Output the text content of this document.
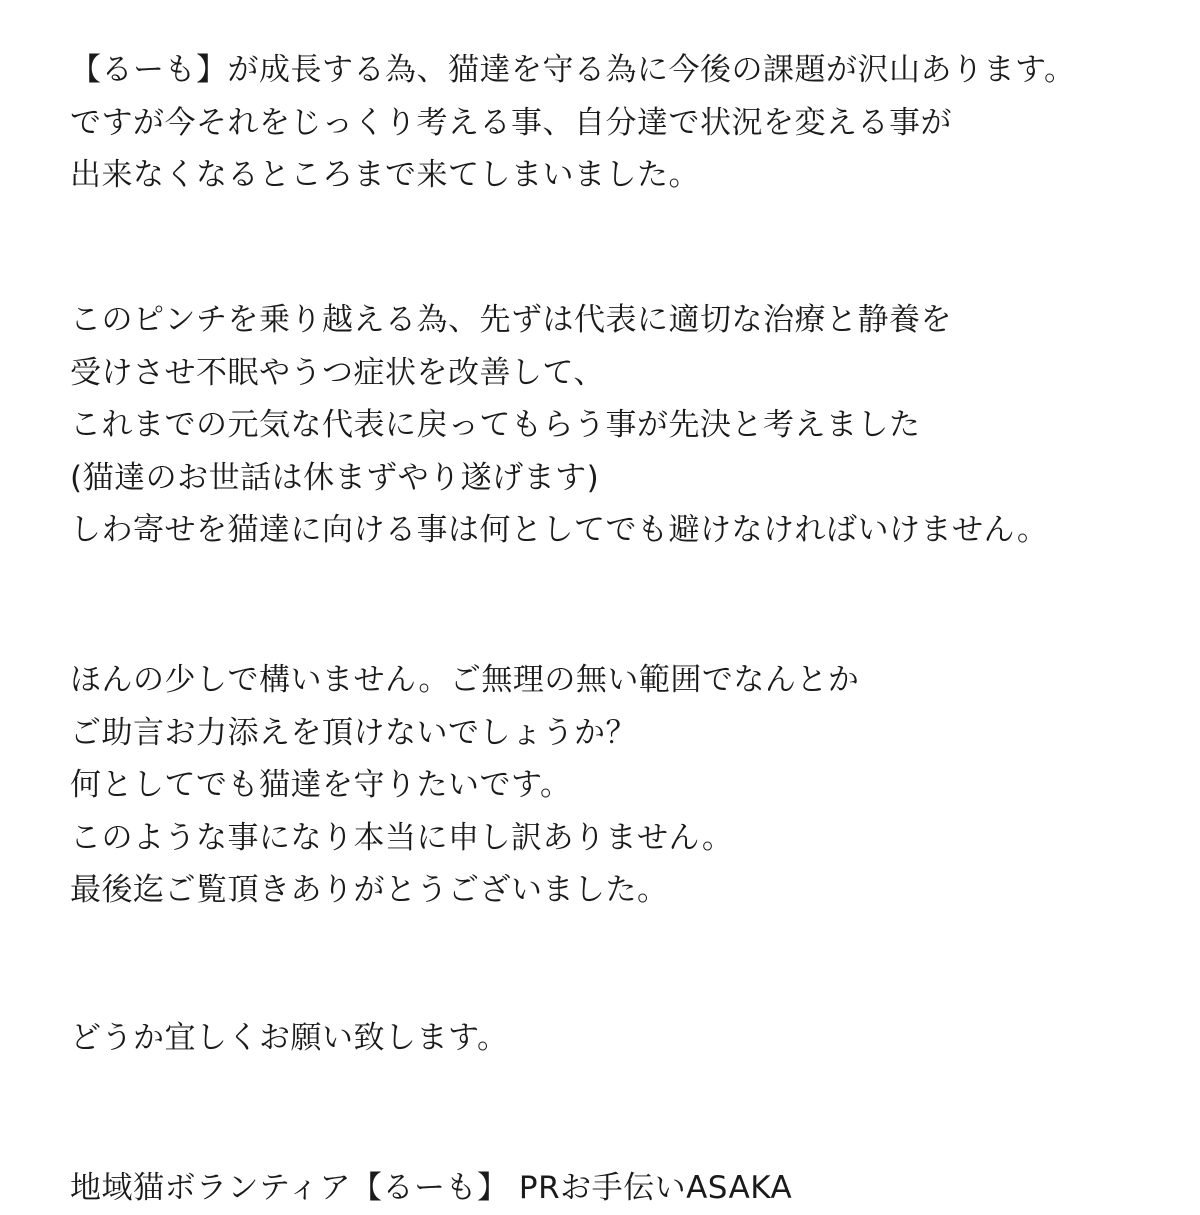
【るーも】が成長する為、猫達を守る為に今後の課題が沢山あります。
ですが今それをじっくり考える事、自分達で状況を変える事が
出来なくなるところまで来てしまいました。
このピンチを乗り越える為、先ずは代表に適切な治療と静養を
受けさせ不眠やうつ症状を改善して、
これまでの元気な代表に戻ってもらう事が先決と考えました
(猫達のお世話は休まずやり遂げます)
しわ寄せを猫達に向ける事は何としてでも避けなければいけません。
ほんの少しで構いません。ご無理の無い範囲でなんとか
ご助言お力添えを頂けないでしょうか？
何としてでも猫達を守りたいです。
このような事になり本当に申し訳ありません。
最後迄ご覧頂きありがとうございました。
どうか宜しくお願い致します。
地域猫ボランティア【るーも】 PRお手伝いASAKA
